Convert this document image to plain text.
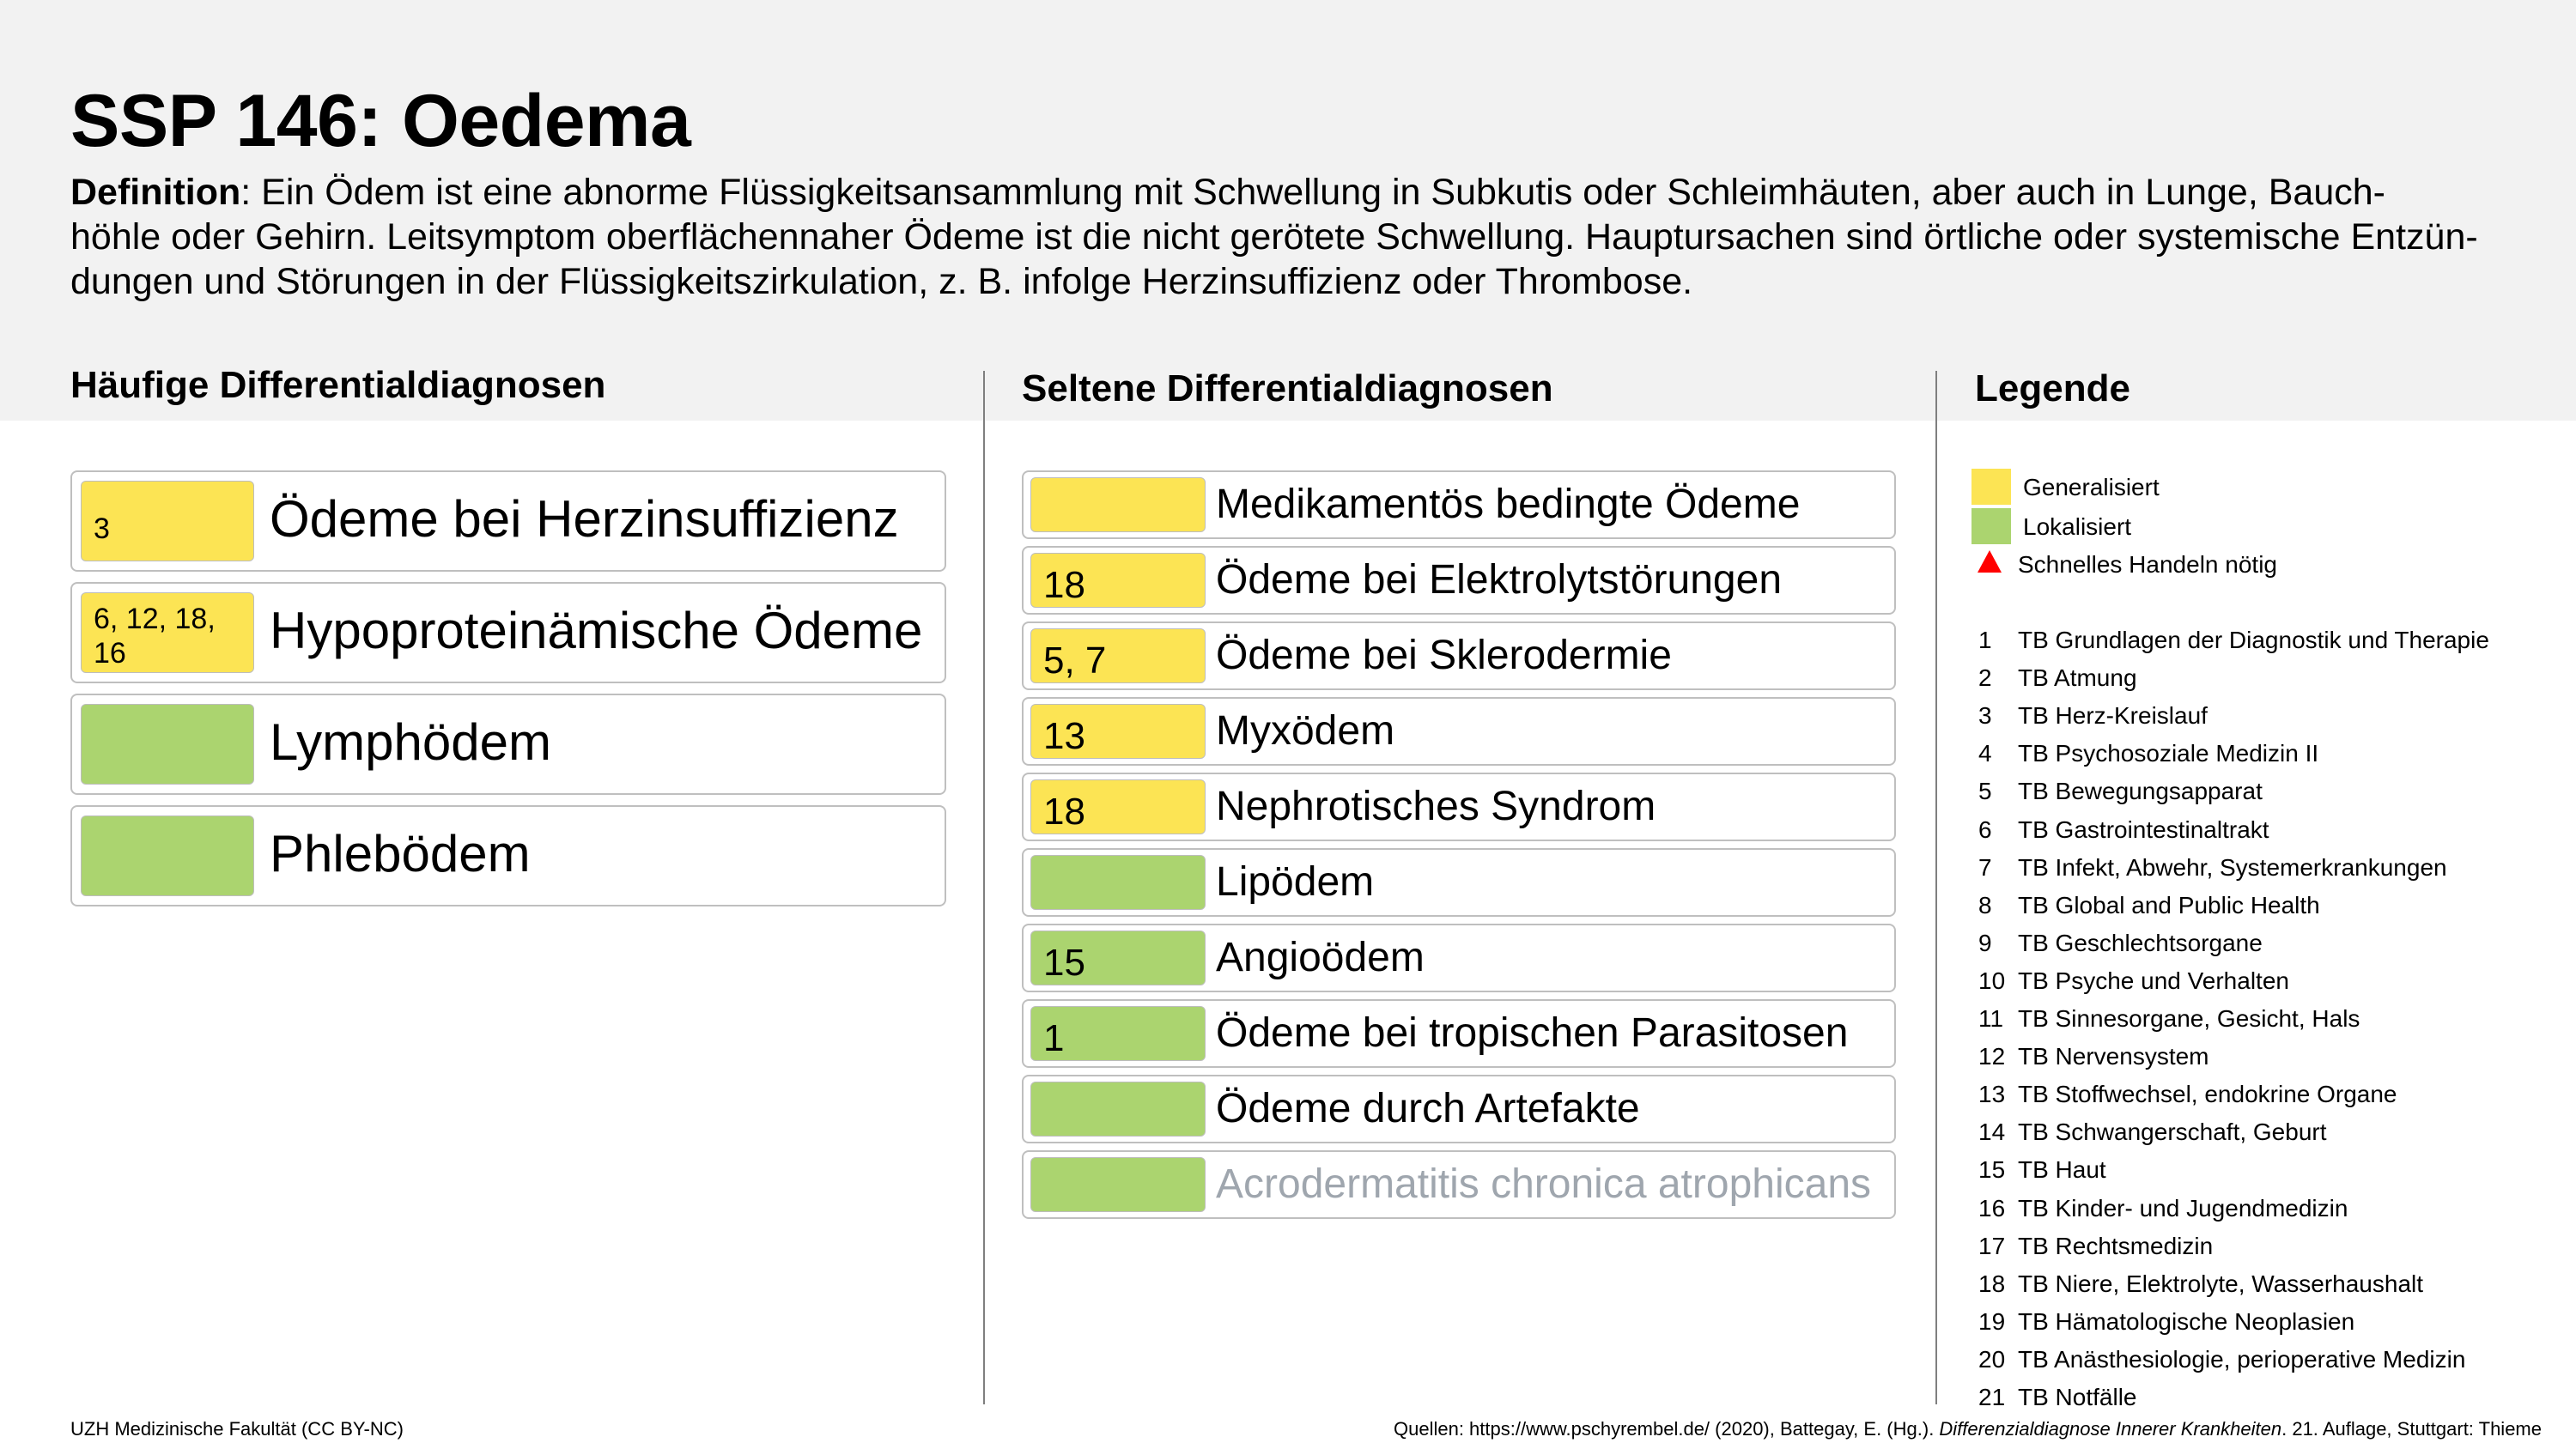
SSP 146: Oedema
Definition: Ein Ödem ist eine abnorme Flüssigkeitsansammlung mit Schwellung in Subkutis oder Schleimhäuten, aber auch in Lunge, Bauch-
höhle oder Gehirn. Leitsymptom oberflächennaher Ödeme ist die nicht gerötete Schwellung. Hauptursachen sind örtliche oder systemische Entzün-
dungen und Störungen in der Flüssigkeitszirkulation, z. B. infolge Herzinsuffizienz oder Thrombose.
Häufige Differentialdiagnosen	Seltene Differentialdiagnosen	Legende
3	Ödeme bei Herzinsuffizienz
6, 12, 18,
16	Hypoproteinämische Ödeme
Lymphödem
Phlebödem
Medikamentös bedingte Ödeme
18	Ödeme bei Elektrolytstörungen
5, 7	Ödeme bei Sklerodermie
13	Myxödem
18	Nephrotisches Syndrom
Lipödem
15	Angioödem
1	Ödeme bei tropischen Parasitosen
Ödeme durch Artefakte
Acrodermatitis chronica atrophicans
Generalisiert
Lokalisiert
Schnelles Handeln nötig
1	TB Grundlagen der Diagnostik und Therapie
2	TB Atmung
3	TB Herz-Kreislauf
4	TB Psychosoziale Medizin II
5	TB Bewegungsapparat
6	TB Gastrointestinaltrakt
7	TB Infekt, Abwehr, Systemerkrankungen
8	TB Global and Public Health
9	TB Geschlechtsorgane
10 TB Psyche und Verhalten
11 TB Sinnesorgane, Gesicht, Hals
12 TB Nervensystem
13 TB Stoffwechsel, endokrine Organe
14 TB Schwangerschaft, Geburt
15 TB Haut
16 TB Kinder- und Jugendmedizin
17 TB Rechtsmedizin
18 TB Niere, Elektrolyte, Wasserhaushalt
19 TB Hämatologische Neoplasien
20 TB Anästhesiologie, perioperative Medizin
21 TB Notfälle
UZH Medizinische Fakultät (CC BY-NC)	Quellen: https://www.pschyrembel.de/ (2020), Battegay, E. (Hg.). Differenzialdiagnose Innerer Krankheiten. 21. Auflage, Stuttgart: Thieme
